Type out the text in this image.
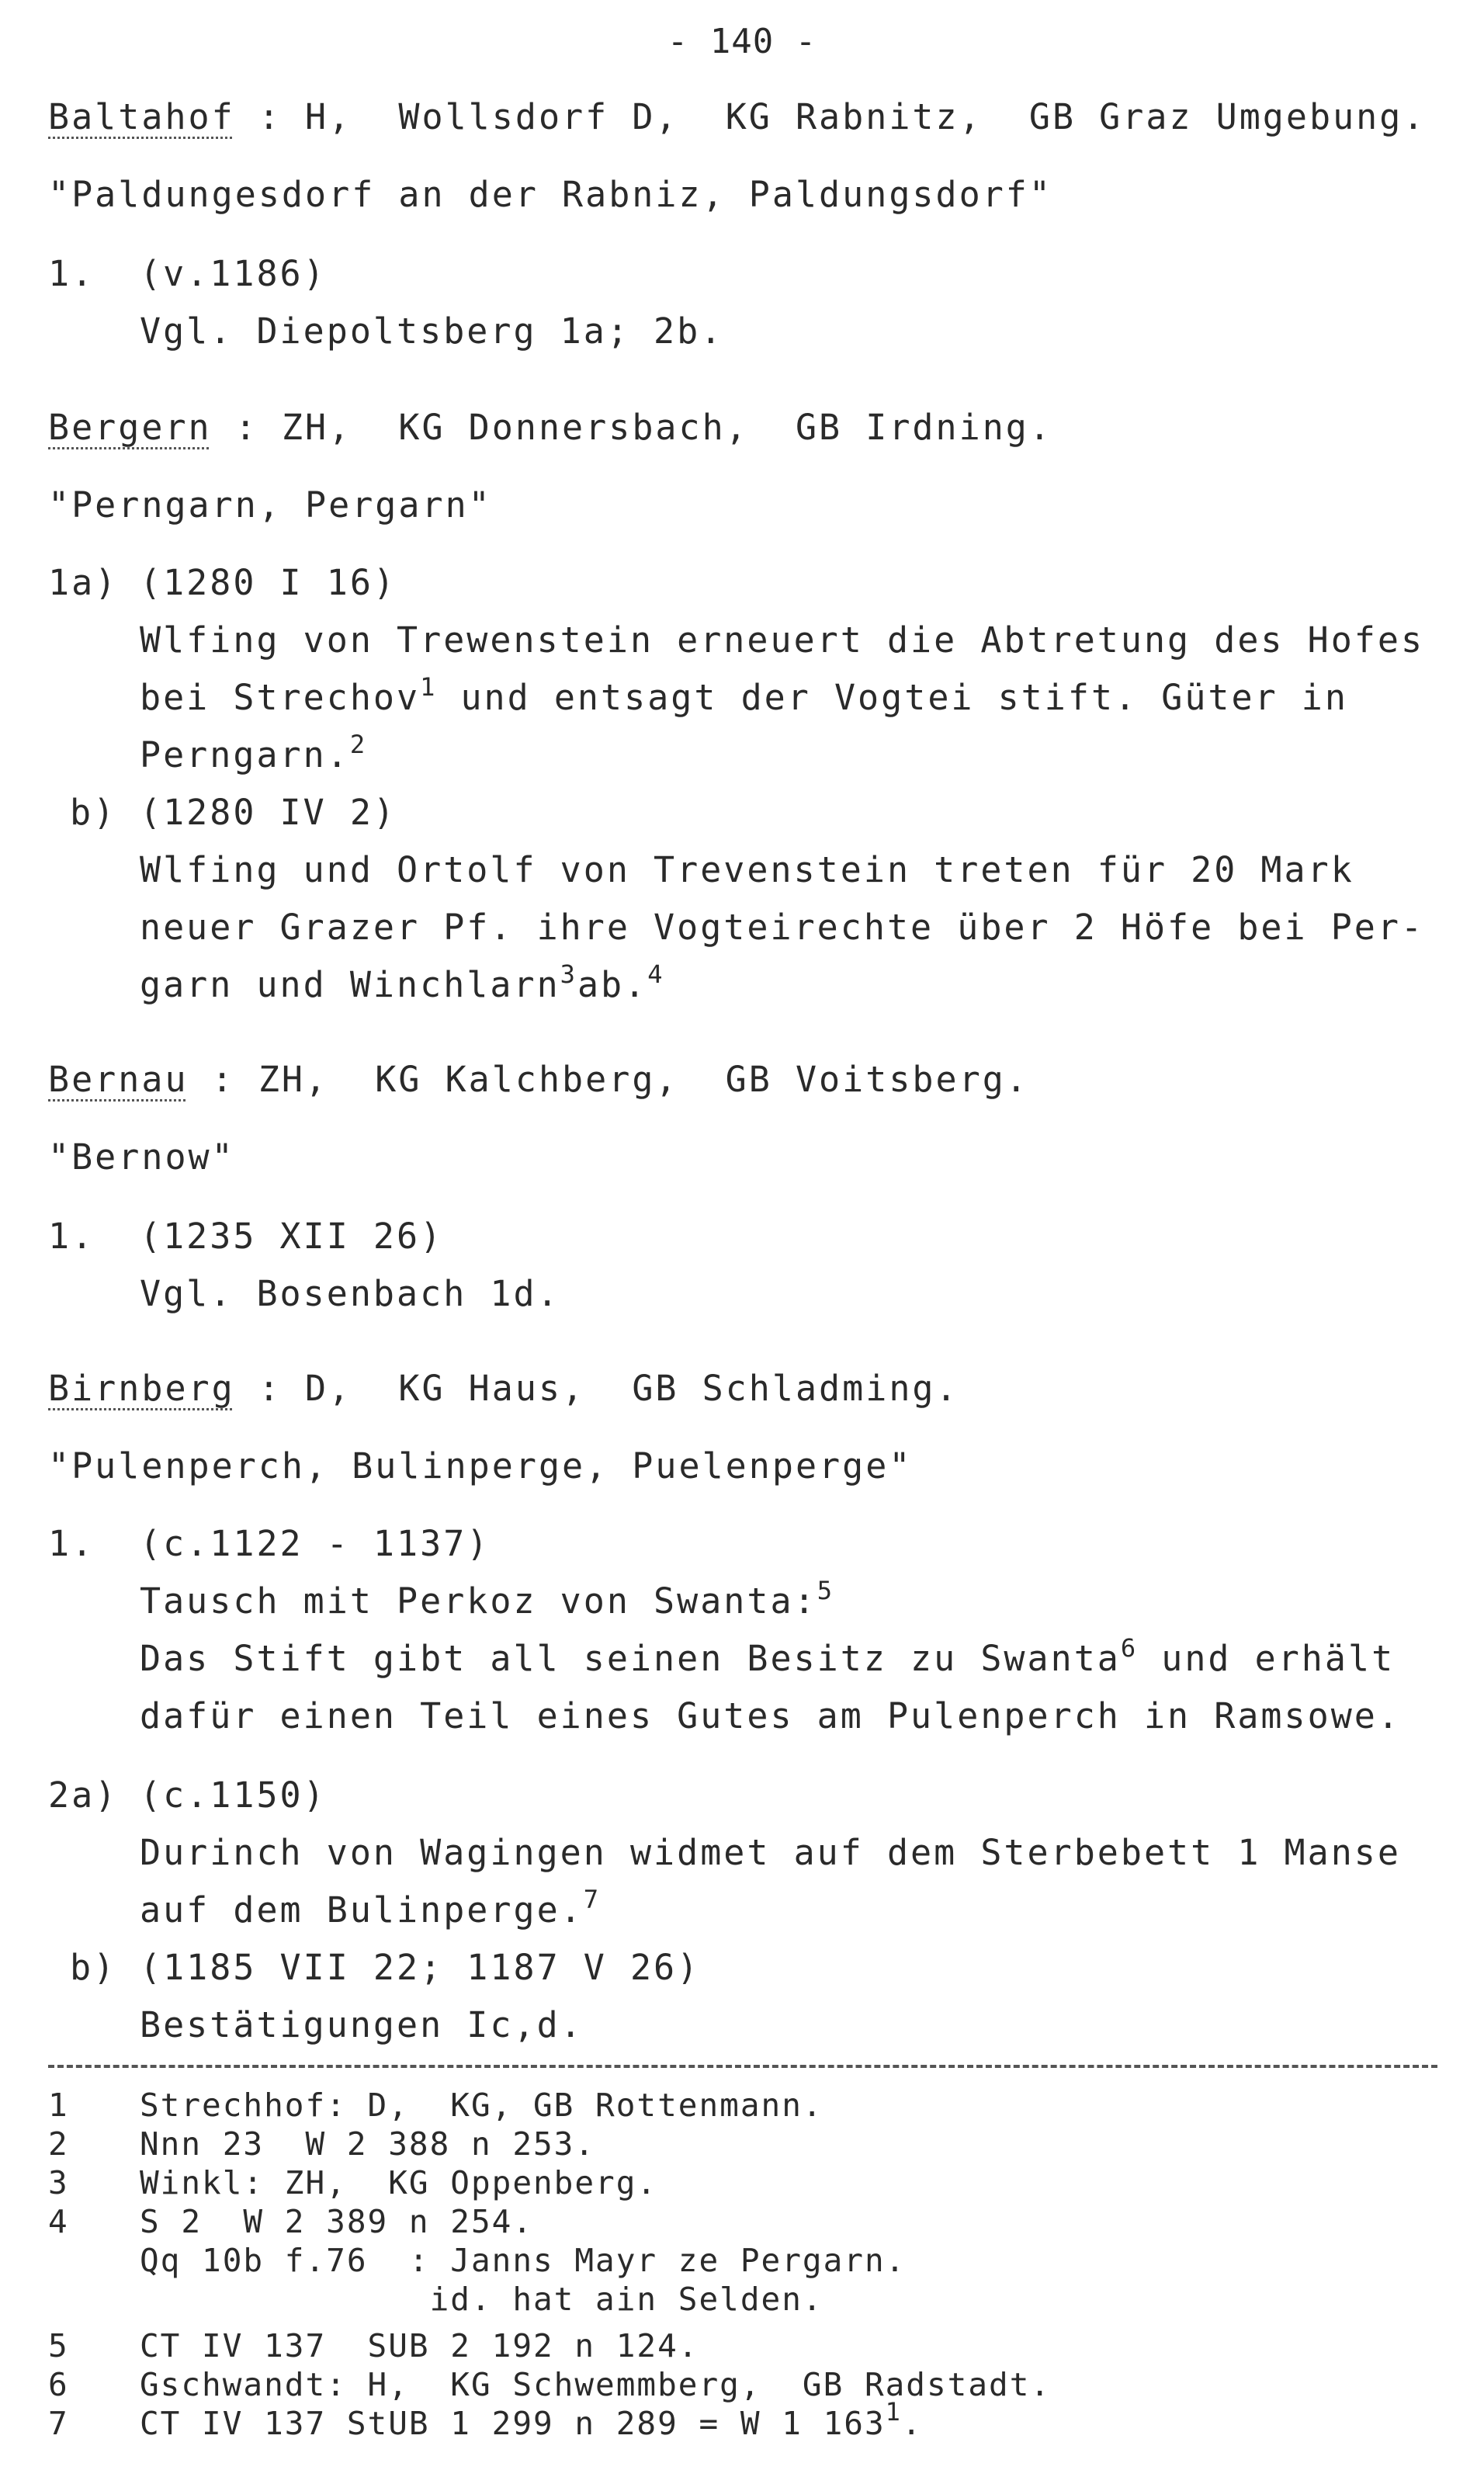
- 140 -
Baltahof : H,  Wollsdorf D,  KG Rabnitz,  GB Graz Umgebung.
"Paldungesdorf an der Rabniz, Paldungsdorf"
1. (v.1186)
Vgl. Diepoltsberg 1a; 2b.
Bergern : ZH,  KG Donnersbach,  GB Irdning.
"Perngarn, Pergarn"
1a) (1280 I 16)
Wlfing von Trewenstein erneuert die Abtretung des Hofes
bei Strechov$^1$ und entsagt der Vogtei stift. Güter in
Perngarn.$^2$
b) (1280 IV 2)
Wlfing und Ortolf von Trevenstein treten für 20 Mark
neuer Grazer Pf. ihre Vogteirechte über 2 Höfe bei Per-
garn und Winchlarn$^3$ab.$^4$
Bernau : ZH,  KG Kalchberg,  GB Voitsberg.
"Bernow"
1. (1235 XII 26)
Vgl. Bosenbach 1d.
Birnberg : D,  KG Haus,  GB Schladming.
"Pulenperch, Bulinperge, Puelenperge"
1. (c.1122 - 1137)
Tausch mit Perkoz von Swanta:$^5$
Das Stift gibt all seinen Besitz zu Swanta$^6$ und erhält
dafür einen Teil eines Gutes am Pulenperch in Ramsowe.
2a) (c.1150)
Durinch von Wagingen widmet auf dem Sterbebett 1 Manse
auf dem Bulinperge.$^7$
b) (1185 VII 22; 1187 V 26)
Bestätigungen Ic,d.
1 Strechhof: D,  KG, GB Rottenmann.
2 Nnn 23  W 2 388 n 253.
3 Winkl: ZH,  KG Oppenberg.
4 S 2  W 2 389 n 254.
Qq 10b f.76  : Janns Mayr ze Pergarn.
id. hat ain Selden.
5 CT IV 137  SUB 2 192 n 124.
6 Gschwandt: H,  KG Schwemmberg,  GB Radstadt.
7 CT IV 137 StUB 1 299 n 289 = W 1 $163^1$.
